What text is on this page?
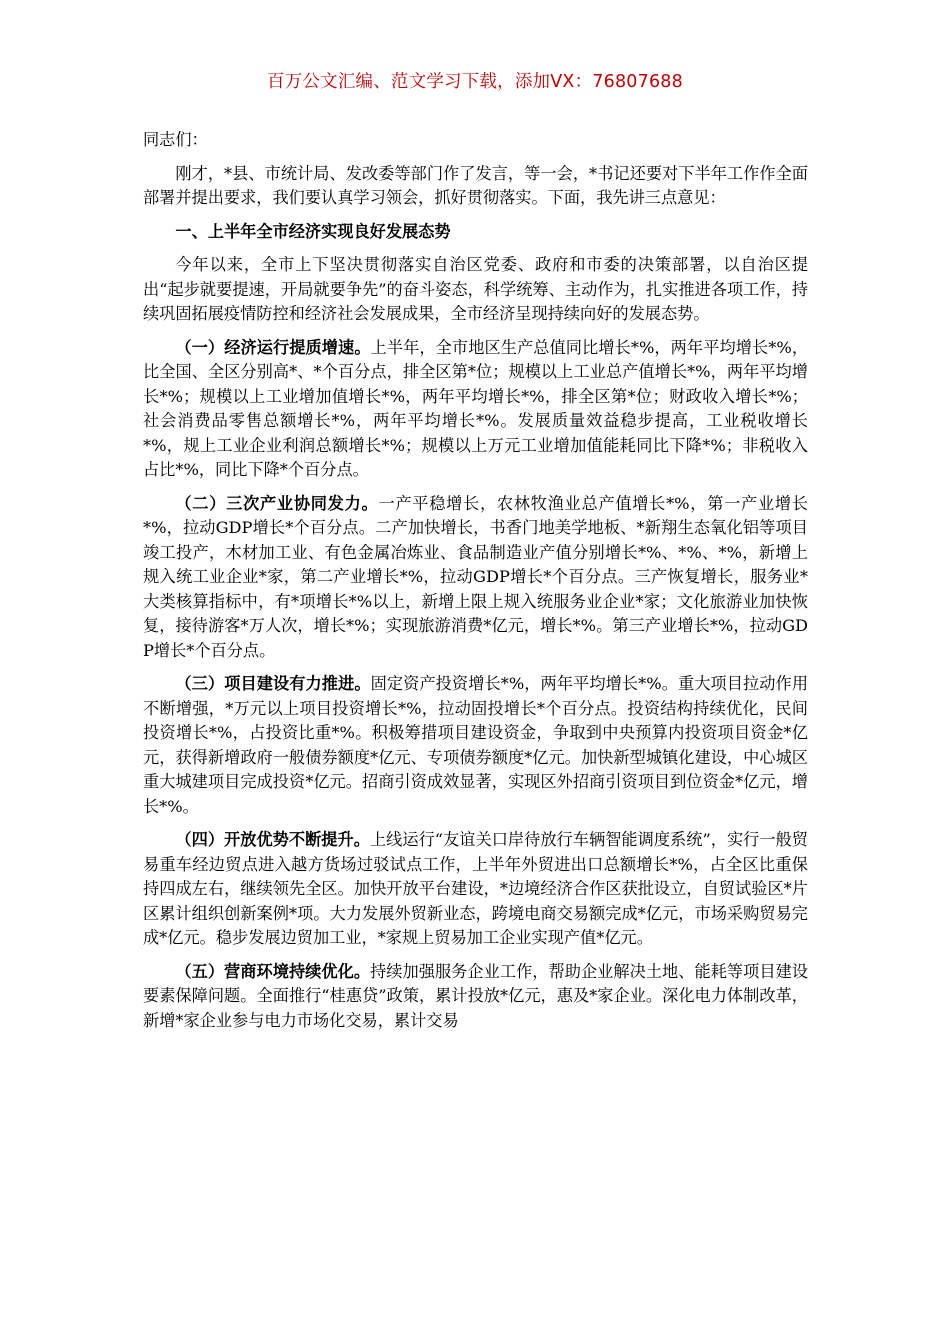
百万公文汇编、范文学习下载，添加VX：76807688

同志们：

刚才，*县、市统计局、发改委等部门作了发言，等一会，*书记还要对下半年工作作全面部署并提出要求，我们要认真学习领会，抓好贯彻落实。下面，我先讲三点意见：

一、上半年全市经济实现良好发展态势

今年以来，全市上下坚决贯彻落实自治区党委、政府和市委的决策部署，以自治区提出“起步就要提速，开局就要争先”的奋斗姿态，科学统筹、主动作为，扎实推进各项工作，持续巩固拓展疫情防控和经济社会发展成果，全市经济呈现持续向好的发展态势。

（一）经济运行提质增速。上半年，全市地区生产总值同比增长*%，两年平均增长*%，比全国、全区分别高*、*个百分点，排全区第*位；规模以上工业总产值增长*%，两年平均增长*%；规模以上工业增加值增长*%，两年平均增长*%，排全区第*位；财政收入增长*%；社会消费品零售总额增长*%，两年平均增长*%。发展质量效益稳步提高，工业税收增长*%，规上工业企业利润总额增长*%；规模以上万元工业增加值能耗同比下降*%；非税收入占比*%，同比下降*个百分点。

（二）三次产业协同发力。一产平稳增长，农林牧渔业总产值增长*%，第一产业增长*%，拉动GDP增长*个百分点。二产加快增长，书香门地美学地板、*新翔生态氧化铝等项目竣工投产，木材加工业、有色金属冶炼业、食品制造业产值分别增长*%、*%、*%，新增上规入统工业企业*家，第二产业增长*%，拉动GDP增长*个百分点。三产恢复增长，服务业*大类核算指标中，有*项增长*%以上，新增上限上规入统服务业企业*家；文化旅游业加快恢复，接待游客*万人次，增长*%；实现旅游消费*亿元，增长*%。第三产业增长*%，拉动GDP增长*个百分点。

（三）项目建设有力推进。固定资产投资增长*%，两年平均增长*%。重大项目拉动作用不断增强，*万元以上项目投资增长*%，拉动固投增长*个百分点。投资结构持续优化，民间投资增长*%，占投资比重*%。积极筹措项目建设资金，争取到中央预算内投资项目资金*亿元，获得新增政府一般债券额度*亿元、专项债券额度*亿元。加快新型城镇化建设，中心城区重大城建项目完成投资*亿元。招商引资成效显著，实现区外招商引资项目到位资金*亿元，增长*%。

（四）开放优势不断提升。上线运行“友谊关口岸待放行车辆智能调度系统”，实行一般贸易重车经边贸点进入越方货场过驳试点工作，上半年外贸进出口总额增长*%，占全区比重保持四成左右，继续领先全区。加快开放平台建设，*边境经济合作区获批设立，自贸试验区*片区累计组织创新案例*项。大力发展外贸新业态，跨境电商交易额完成*亿元，市场采购贸易完成*亿元。稳步发展边贸加工业，*家规上贸易加工企业实现产值*亿元。

（五）营商环境持续优化。持续加强服务企业工作，帮助企业解决土地、能耗等项目建设要素保障问题。全面推行“桂惠贷”政策，累计投放*亿元，惠及*家企业。深化电力体制改革，新增*家企业参与电力市场化交易，累计交易
